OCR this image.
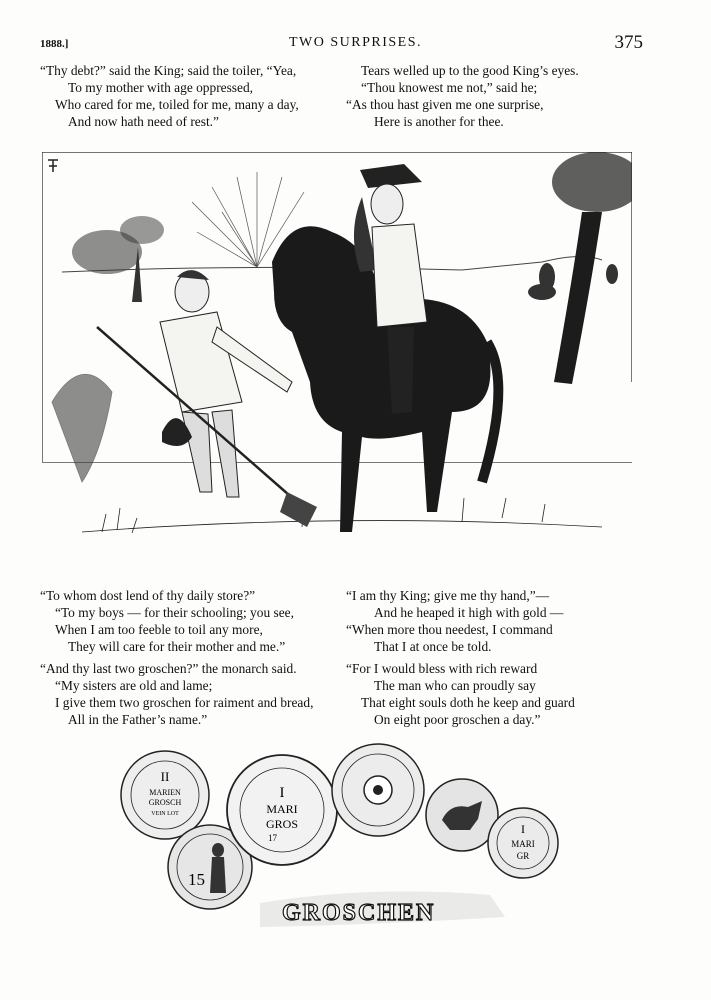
1888.]	TWO SURPRISES.	375
“Thy debt?” said the King; said the toiler, “Yea,
To my mother with age oppressed,
Who cared for me, toiled for me, many a day,
And now hath need of rest.”
Tears welled up to the good King’s eyes.
“Thou knowest me not,” said he;
“As thou hast given me one surprise,
Here is another for thee.
“To whom dost lend of thy daily store?”
“To my boys — for their schooling; you see,
When I am too feeble to toil any more,
They will care for their mother and me.”
“I am thy King; give me thy hand,”—
And he heaped it high with gold —
“When more thou needest, I command
That I at once be told.
“And thy last two groschen?” the monarch said.
“My sisters are old and lame;
I give them two groschen for raiment and bread,
All in the Father’s name.”
“For I would bless with rich reward
The man who can proudly say
That eight souls doth he keep and guard
On eight poor groschen a day.”
II
MARIEN
GROSCH
VEIN LOT
15
I
MARI
GROS
17
I
MARI
GR
GROSCHEN
